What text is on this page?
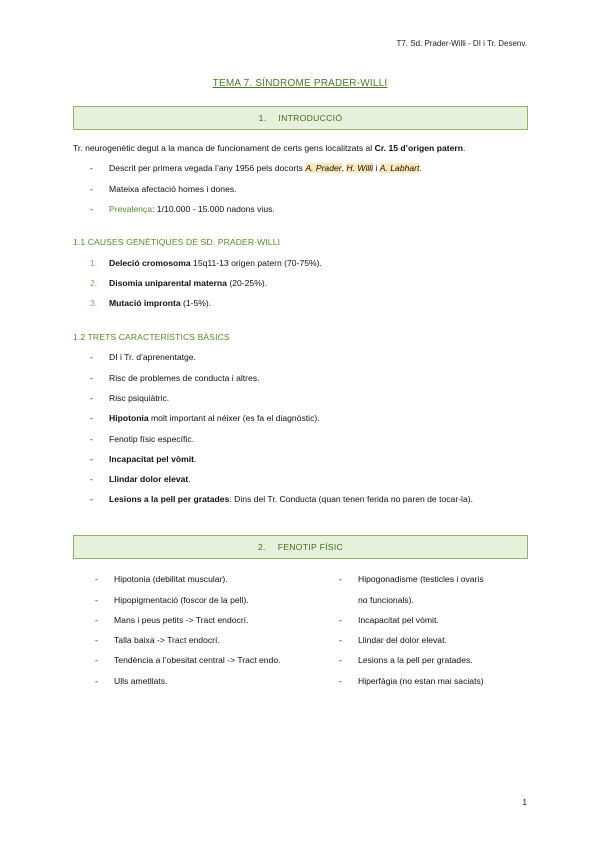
T7. Sd. Prader-Willi - DI i Tr. Desenv.
TEMA 7. SÍNDROME PRADER-WILLI
1. INTRODUCCIÓ
Tr. neurogenètic degut a la manca de funcionament de certs gens localitzats al Cr. 15 d’origen patern.
- Descrit per primera vegada l’any 1956 pels docorts A. Prader, H. Willi i A. Labhart.
- Mateixa afectació homes i dones.
- Prevalença: 1/10.000 - 15.000 nadons vius.
1.1 CAUSES GENÈTIQUES DE SD. PRADER-WILLI
1. Deleció cromosoma 15q11-13 origen patern (70-75%).
2. Disomia uniparental materna (20-25%).
3. Mutació impronta (1-5%).
1.2 TRETS CARACTERÍSTICS BÀSICS
- DI i Tr. d’aprenentatge.
- Risc de problemes de conducta i altres.
- Risc psiquiàtric.
- Hipotonia molt important al néixer (es fa el diagnòstic).
- Fenotip físic específic.
- Incapacitat pel vòmit.
- Llindar dolor elevat.
- Lesions a la pell per gratades: Dins del Tr. Conducta (quan tenen ferida no paren de tocar-la).
2. FENOTIP FÍSIC
- Hipotonia (debilitat muscular).
- Hipopigmentació (foscor de la pell).
- Mans i peus petits -> Tract endocrí.
- Talla baixa -> Tract endocrí.
- Tendència a l’obesitat central -> Tract endo.
- Ulls ametllats.
- Hipogonadisme (testicles i ovaris
no funcionals).
- Incapacitat pel vòmit.
- Llindar del dolor elevat.
- Lesions a la pell per gratades.
- Hiperfàgia (no estan mai saciats)
1
